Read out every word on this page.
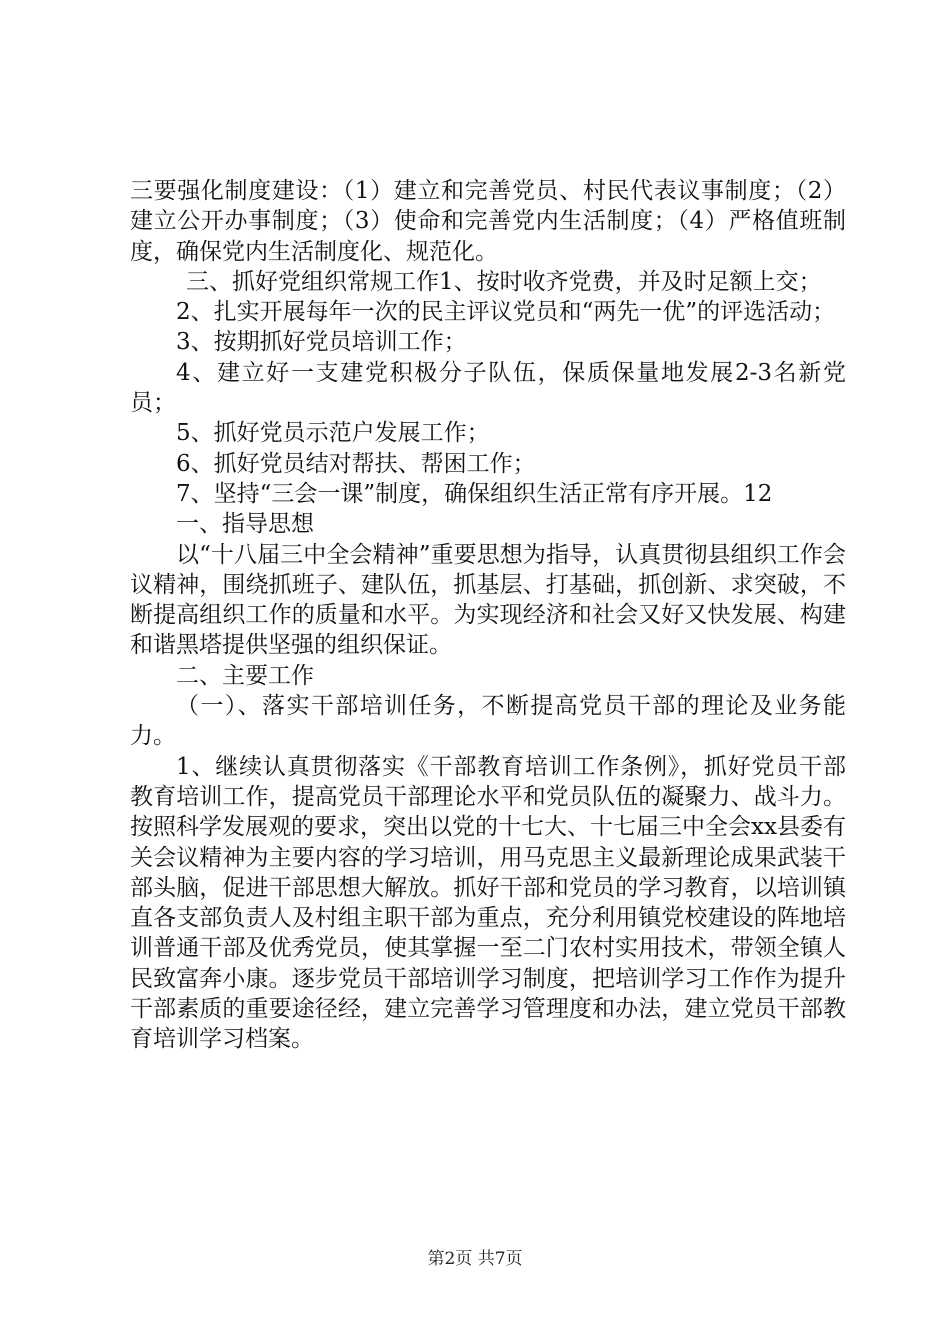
三要强化制度建设：（1）建立和完善党员、村民代表议事制度；（2）建立公开办事制度；（3）使命和完善党内生活制度；（4）严格值班制度，确保党内生活制度化、规范化。

三、抓好党组织常规工作1、按时收齐党费，并及时足额上交；

2、扎实开展每年一次的民主评议党员和“两先一优”的评选活动；

3、按期抓好党员培训工作；

4、建立好一支建党积极分子队伍，保质保量地发展2-3名新党员；

5、抓好党员示范户发展工作；

6、抓好党员结对帮扶、帮困工作；

7、坚持“三会一课”制度，确保组织生活正常有序开展。12

一、指导思想

以“十八届三中全会精神”重要思想为指导，认真贯彻县组织工作会议精神，围绕抓班子、建队伍，抓基层、打基础，抓创新、求突破，不断提高组织工作的质量和水平。为实现经济和社会又好又快发展、构建和谐黑塔提供坚强的组织保证。

二、主要工作

（一）、落实干部培训任务，不断提高党员干部的理论及业务能力。

1、继续认真贯彻落实《干部教育培训工作条例》，抓好党员干部教育培训工作，提高党员干部理论水平和党员队伍的凝聚力、战斗力。按照科学发展观的要求，突出以党的十七大、十七届三中全会xx县委有关会议精神为主要内容的学习培训，用马克思主义最新理论成果武装干部头脑，促进干部思想大解放。抓好干部和党员的学习教育，以培训镇直各支部负责人及村组主职干部为重点，充分利用镇党校建设的阵地培训普通干部及优秀党员，使其掌握一至二门农村实用技术，带领全镇人民致富奔小康。逐步党员干部培训学习制度，把培训学习工作作为提升干部素质的重要途径经，建立完善学习管理度和办法，建立党员干部教育培训学习档案。

第2页 共7页
